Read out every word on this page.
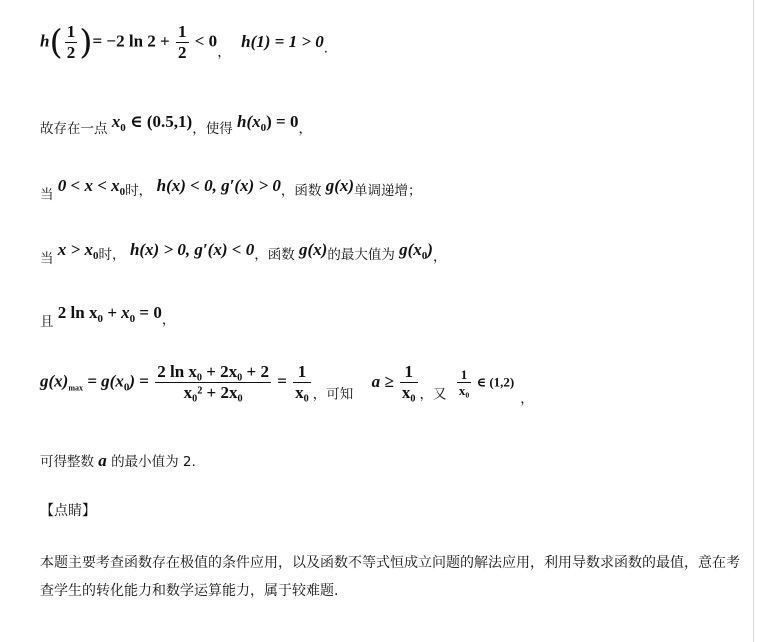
$h( \frac{1}{2}$ )= −2 $\ln 2 + \frac{1}{2} < 0$， h(1) = 1 > 0.
故存在一点 $x_0$ ∈ (0.5,1)，使得 $h(x_0) = 0$，
当 $0 < x < x_0$时， h(x) < 0, g′(x) > 0，函数 g(x)单调递增；
当 $x > x_0$时， h(x) > 0, g′(x) < 0，函数 g(x)的最大值为 $g(x_0)$，
且 2 $\ln x_0 + x_0 = 0$，
$g(x)_{max} = g(x_0) = \frac{\text{2 ln x₀ + 2x₀ + 2}}{\text{x₀² + 2x₀}} = \frac{1}{\text{x₀}}$ ，可知 $a \ge \frac{1}{\text{x₀}}$ ，又 $\frac{1}{\text{x₀}}$ ∈ (1,2)，
可得整数 a 的最小值为 2.
【点睛】
本题主要考查函数存在极值的条件应用，以及函数不等式恒成立问题的解法应用，利用导数求函数的最值，意在考查学生的转化能力和数学运算能力，属于较难题.
